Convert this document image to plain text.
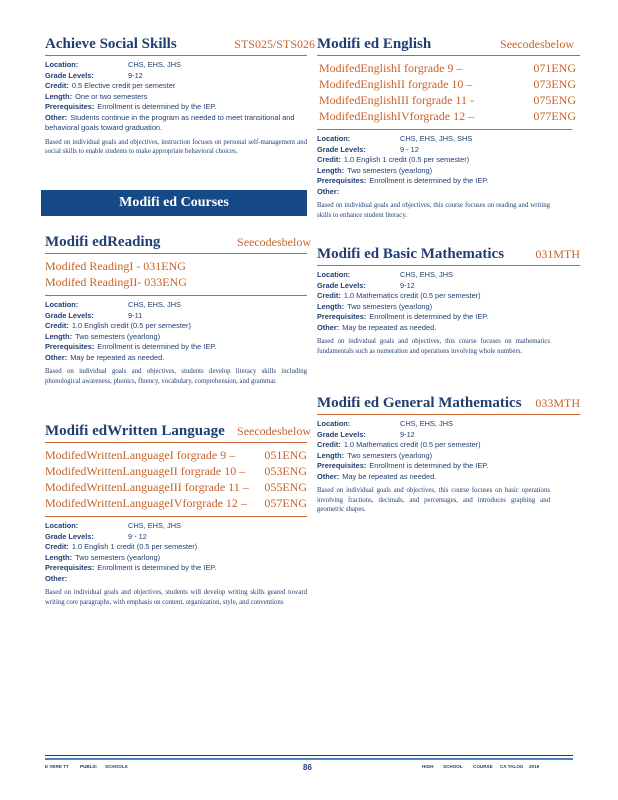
Achieve Social Skills	STS025/STS026
Location:	CHS, EHS, JHS
Grade Levels:	9-12
Credit: 0.5 Elective credit per semester
Length: One or two semesters
Prerequisites: Enrollment is determined by the IEP.
Other: Students continue in the program as needed to meet transitional and behavioral goals toward graduation.
Based on individual goals and objectives, instruction focuses on personal self-management and social skills to enable students to make appropriate behavioral choices.
Modifi edReading	Seecodesbelow
Modifed ReadingI - 031ENG
Modifed ReadingII- 033ENG
Location:	CHS, EHS, JHS
Grade Levels:	9-11
Credit: 1.0 English credit (0.5 per semester)
Length: Two semesters (yearlong)
Prerequisites: Enrollment is determined by the IEP.
Other: May be repeated as needed.
Based on individual goals and objectives, students develop literacy skills including phonological awareness, phonics, fluency, vocabulary, comprehension, and grammar.
Modifi edWritten Language Seecodesbelow
ModifedWrittenLanguageI forgrade 9 – 051ENG
ModifedWrittenLanguageII forgrade 10 – 053ENG
ModifedWrittenLanguageIII forgrade 11 – 055ENG
ModifedWrittenLanguageIVforgrade 12 – 057ENG
Location:	CHS, EHS, JHS
Grade Levels:	9 - 12
Credit: 1.0 English 1 credit (0.5 per semester)
Length: Two semesters (yearlong)
Prerequisites: Enrollment is determined by the IEP.
Other:
Based on individual goals and objectives, students will develop writing skills geared toward writing core paragraphs, with emphasis on content, organization, style, and conventions
Modifi ed Courses
Modifi ed English	Seecodesbelow
ModifedEnglishI forgrade 9 –	071ENG
ModifedEnglishII forgrade 10 –	073ENG
ModifedEnglishIII forgrade 11 -	075ENG
ModifedEnglishIVforgrade 12 –	077ENG
Location:	CHS, EHS, JHS, SHS
Grade Levels:	9 - 12
Credit: 1.0 English 1 credit (0.5 per semester)
Length: Two semesters (yearlong)
Prerequisites: Enrollment is determined by the IEP.
Other:
Based on individual goals and objectives, this course focuses on reading and writing skills to enhance student literacy.
Modifi ed Basic Mathematics	031MTH
Location:	CHS, EHS, JHS
Grade Levels:	9-12
Credit: 1.0 Mathematics credit (0.5 per semester)
Length: Two semesters (yearlong)
Prerequisites: Enrollment is determined by the IEP.
Other: May be repeated as needed.
Based on individual goals and objectives, this course focuses on mathematics fundamentals such as numeration and operations involving whole numbers.
Modifi ed General Mathematics 033MTH
Location:	CHS, EHS, JHS
Grade Levels:	9-12
Credit: 1.0 Mathematics credit (0.5 per semester)
Length: Two semesters (yearlong)
Prerequisites: Enrollment is determined by the IEP.
Other: May be repeated as needed.
Based on individual goals and objectives, this course focuses on basic operations involving fractions, decimals, and percentages, and introduces graphing and geometric shapes.
E VERE TT PUBLIC SCHOOLS	86	HIGH SCHOOL COURSE CA TALOG 2019
